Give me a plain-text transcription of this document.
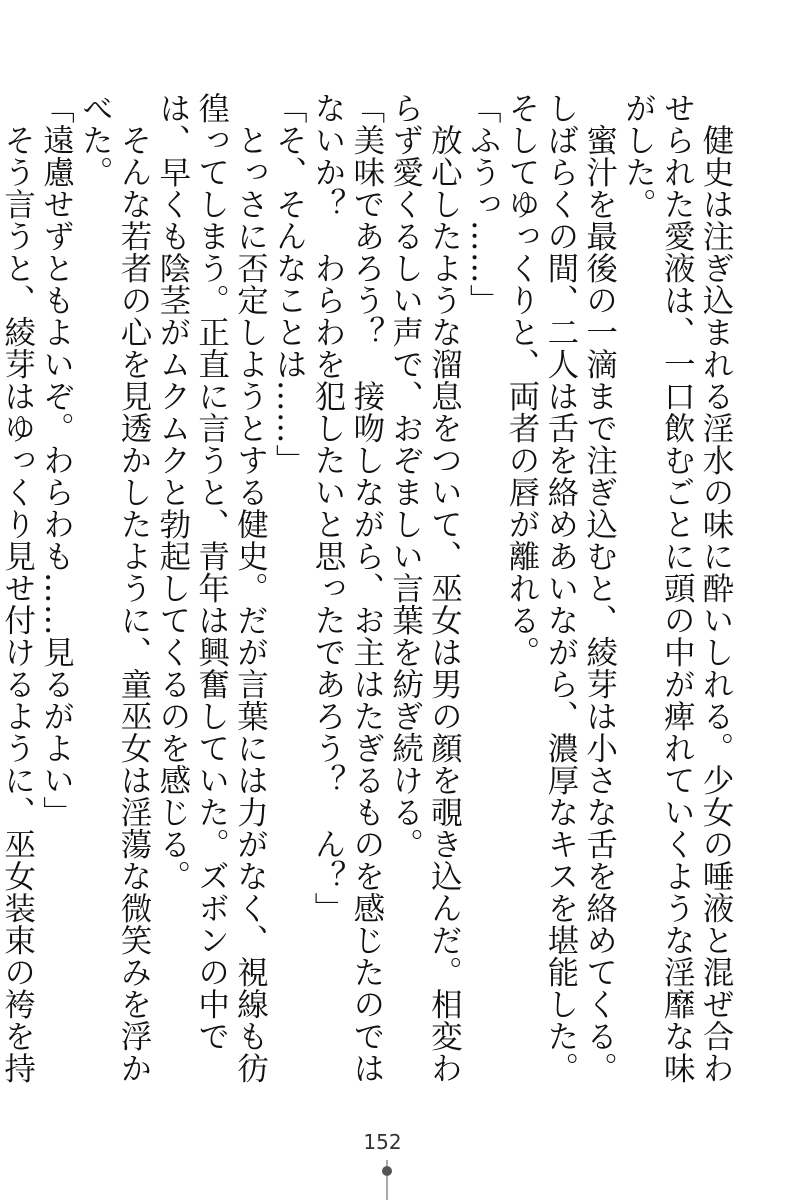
　健史は注ぎ込まれる淫水の味に酔いしれる。少女の唾液と混ぜ合わせられた愛液は、一口飲むごとに頭の中が痺れていくような淫靡な味がした。

　蜜汁を最後の一滴まで注ぎ込むと、綾芽は小さな舌を絡めてくる。しばらくの間、二人は舌を絡めあいながら、濃厚なキスを堪能した。そしてゆっくりと、両者の唇が離れる。

「ふうっ……」

　放心したような溜息をついて、巫女は男の顔を覗き込んだ。相変わらず愛くるしい声で、おぞましい言葉を紡ぎ続ける。

「美味であろう？　接吻しながら、お主はたぎるものを感じたのではないか？　わらわを犯したいと思ったであろう？　ん？」

「そ、そんなことは……」

　とっさに否定しようとする健史。だが言葉には力がなく、視線も彷徨ってしまう。正直に言うと、青年は興奮していた。ズボンの中では、早くも陰茎がムクムクと勃起してくるのを感じる。

　そんな若者の心を見透かしたように、童巫女は淫蕩な微笑みを浮かべた。

「遠慮せずともよいぞ。わらわも……見るがよい」

　そう言うと、綾芽はゆっくり見せ付けるように、巫女装束の袴を持

152
